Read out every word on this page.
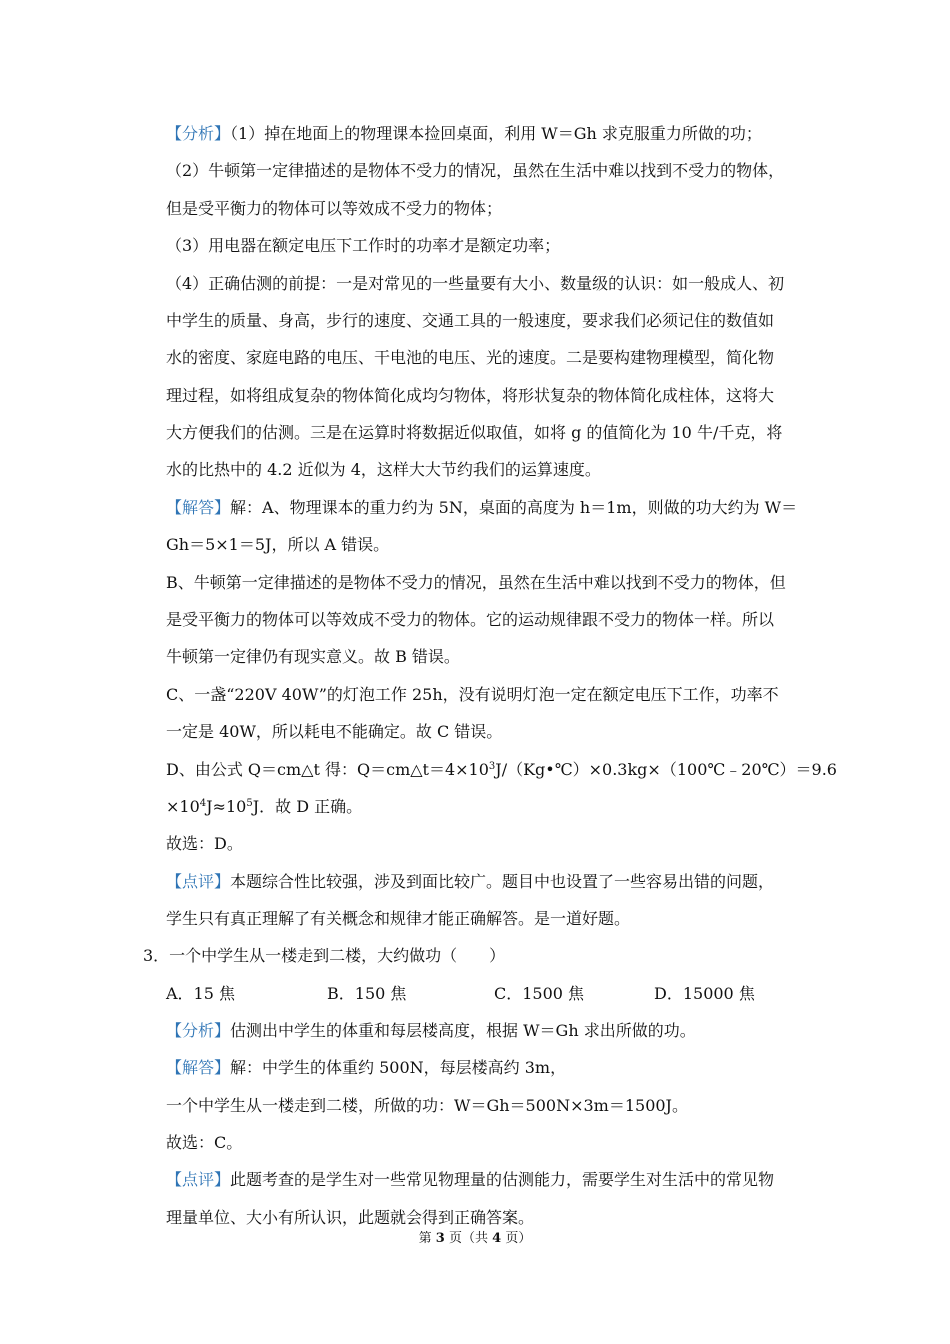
【分析】（1）掉在地面上的物理课本捡回桌面，利用 W＝Gh 求克服重力所做的功；
（2）牛顿第一定律描述的是物体不受力的情况，虽然在生活中难以找到不受力的物体，
但是受平衡力的物体可以等效成不受力的物体；
（3）用电器在额定电压下工作时的功率才是额定功率；
（4）正确估测的前提：一是对常见的一些量要有大小、数量级的认识：如一般成人、初
中学生的质量、身高，步行的速度、交通工具的一般速度，要求我们必须记住的数值如
水的密度、家庭电路的电压、干电池的电压、光的速度。二是要构建物理模型，简化物
理过程，如将组成复杂的物体简化成均匀物体，将形状复杂的物体简化成柱体，这将大
大方便我们的估测。三是在运算时将数据近似取值，如将 g 的值简化为 10 牛/千克，将
水的比热中的 4.2 近似为 4，这样大大节约我们的运算速度。
【解答】解：A、物理课本的重力约为 5N，桌面的高度为 h＝1m，则做的功大约为 W＝
Gh＝5×1＝5J，所以 A 错误。
B、牛顿第一定律描述的是物体不受力的情况，虽然在生活中难以找到不受力的物体，但
是受平衡力的物体可以等效成不受力的物体。它的运动规律跟不受力的物体一样。所以
牛顿第一定律仍有现实意义。故 B 错误。
C、一盏“220V 40W”的灯泡工作 25h，没有说明灯泡一定在额定电压下工作，功率不
一定是 40W，所以耗电不能确定。故 C 错误。
D、由公式 Q＝cm△t 得：$Q=cm\triangle t=4\times 10^3J/(Kg•℃)\times 0.3kg\times(100℃﹣20℃)=9.6$
$\times 10^4J\approx 10^5J$．故 D 正确。
故选：D。
【点评】本题综合性比较强，涉及到面比较广。题目中也设置了一些容易出错的问题，
学生只有真正理解了有关概念和规律才能正确解答。是一道好题。
3．一个中学生从一楼走到二楼，大约做功（　　）
A．15 焦	B．150 焦	C．1500 焦	D．15000 焦
【分析】估测出中学生的体重和每层楼高度，根据 W＝Gh 求出所做的功。
【解答】解：中学生的体重约 500N，每层楼高约 3m，
一个中学生从一楼走到二楼，所做的功：W＝Gh＝500N×3m＝1500J。
故选：C。
【点评】此题考查的是学生对一些常见物理量的估测能力，需要学生对生活中的常见物
理量单位、大小有所认识，此题就会得到正确答案。
第 3 页（共 4 页）
